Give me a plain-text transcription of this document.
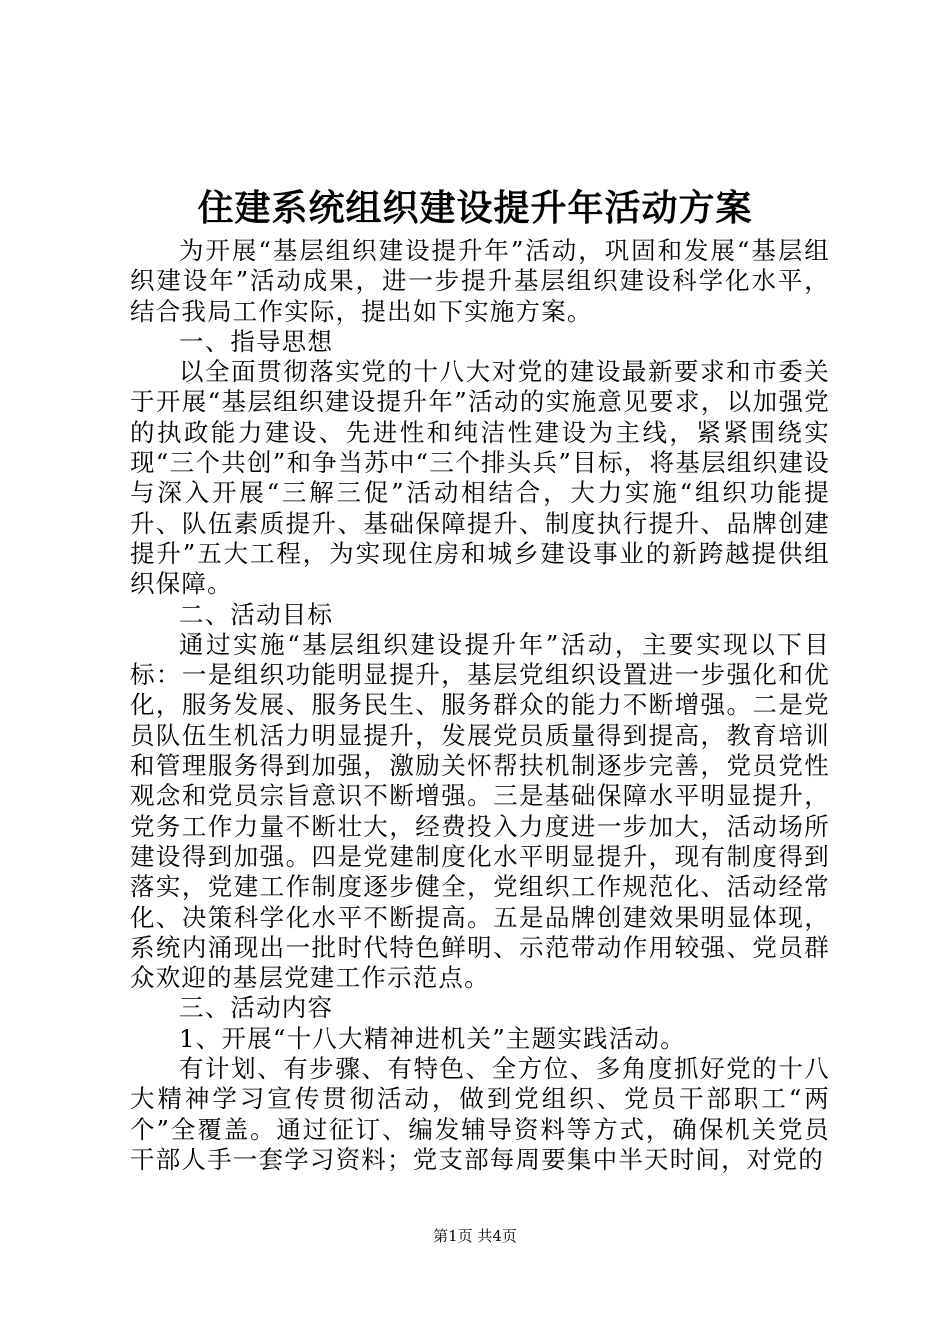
住建系统组织建设提升年活动方案

为开展“基层组织建设提升年”活动，巩固和发展“基层组织建设年”活动成果，进一步提升基层组织建设科学化水平，结合我局工作实际，提出如下实施方案。

一、指导思想

以全面贯彻落实党的十八大对党的建设最新要求和市委关于开展“基层组织建设提升年”活动的实施意见要求，以加强党的执政能力建设、先进性和纯洁性建设为主线，紧紧围绕实现“三个共创”和争当苏中“三个排头兵”目标，将基层组织建设与深入开展“三解三促”活动相结合，大力实施“组织功能提升、队伍素质提升、基础保障提升、制度执行提升、品牌创建提升”五大工程，为实现住房和城乡建设事业的新跨越提供组织保障。

二、活动目标

通过实施“基层组织建设提升年”活动，主要实现以下目标：一是组织功能明显提升，基层党组织设置进一步强化和优化，服务发展、服务民生、服务群众的能力不断增强。二是党员队伍生机活力明显提升，发展党员质量得到提高，教育培训和管理服务得到加强，激励关怀帮扶机制逐步完善，党员党性观念和党员宗旨意识不断增强。三是基础保障水平明显提升，党务工作力量不断壮大，经费投入力度进一步加大，活动场所建设得到加强。四是党建制度化水平明显提升，现有制度得到落实，党建工作制度逐步健全，党组织工作规范化、活动经常化、决策科学化水平不断提高。五是品牌创建效果明显体现，系统内涌现出一批时代特色鲜明、示范带动作用较强、党员群众欢迎的基层党建工作示范点。

三、活动内容

1、开展“十八大精神进机关”主题实践活动。

有计划、有步骤、有特色、全方位、多角度抓好党的十八大精神学习宣传贯彻活动，做到党组织、党员干部职工“两个”全覆盖。通过征订、编发辅导资料等方式，确保机关党员干部人手一套学习资料；党支部每周要集中半天时间，对党的

第1页 共4页
